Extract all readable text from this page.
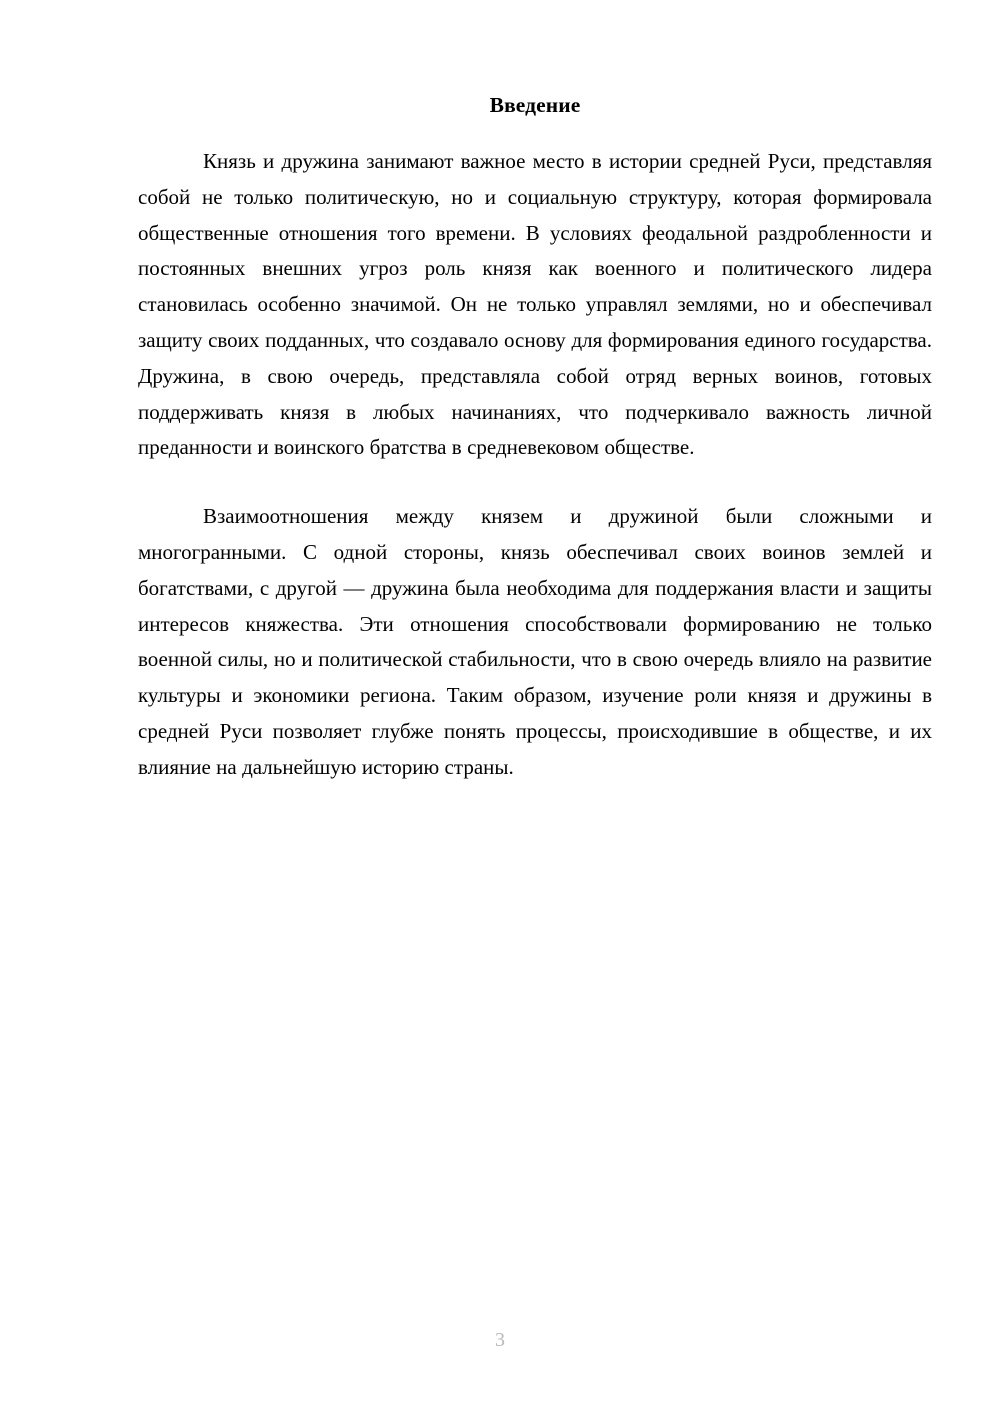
Введение

Князь и дружина занимают важное место в истории средней Руси, представляя собой не только политическую, но и социальную структуру, которая формировала общественные отношения того времени. В условиях феодальной раздробленности и постоянных внешних угроз роль князя как военного и политического лидера становилась особенно значимой. Он не только управлял землями, но и обеспечивал защиту своих подданных, что создавало основу для формирования единого государства. Дружина, в свою очередь, представляла собой отряд верных воинов, готовых поддерживать князя в любых начинаниях, что подчеркивало важность личной преданности и воинского братства в средневековом обществе.

Взаимоотношения между князем и дружиной были сложными и многогранными. С одной стороны, князь обеспечивал своих воинов землей и богатствами, с другой — дружина была необходима для поддержания власти и защиты интересов княжества. Эти отношения способствовали формированию не только военной силы, но и политической стабильности, что в свою очередь влияло на развитие культуры и экономики региона. Таким образом, изучение роли князя и дружины в средней Руси позволяет глубже понять процессы, происходившие в обществе, и их влияние на дальнейшую историю страны.

3
